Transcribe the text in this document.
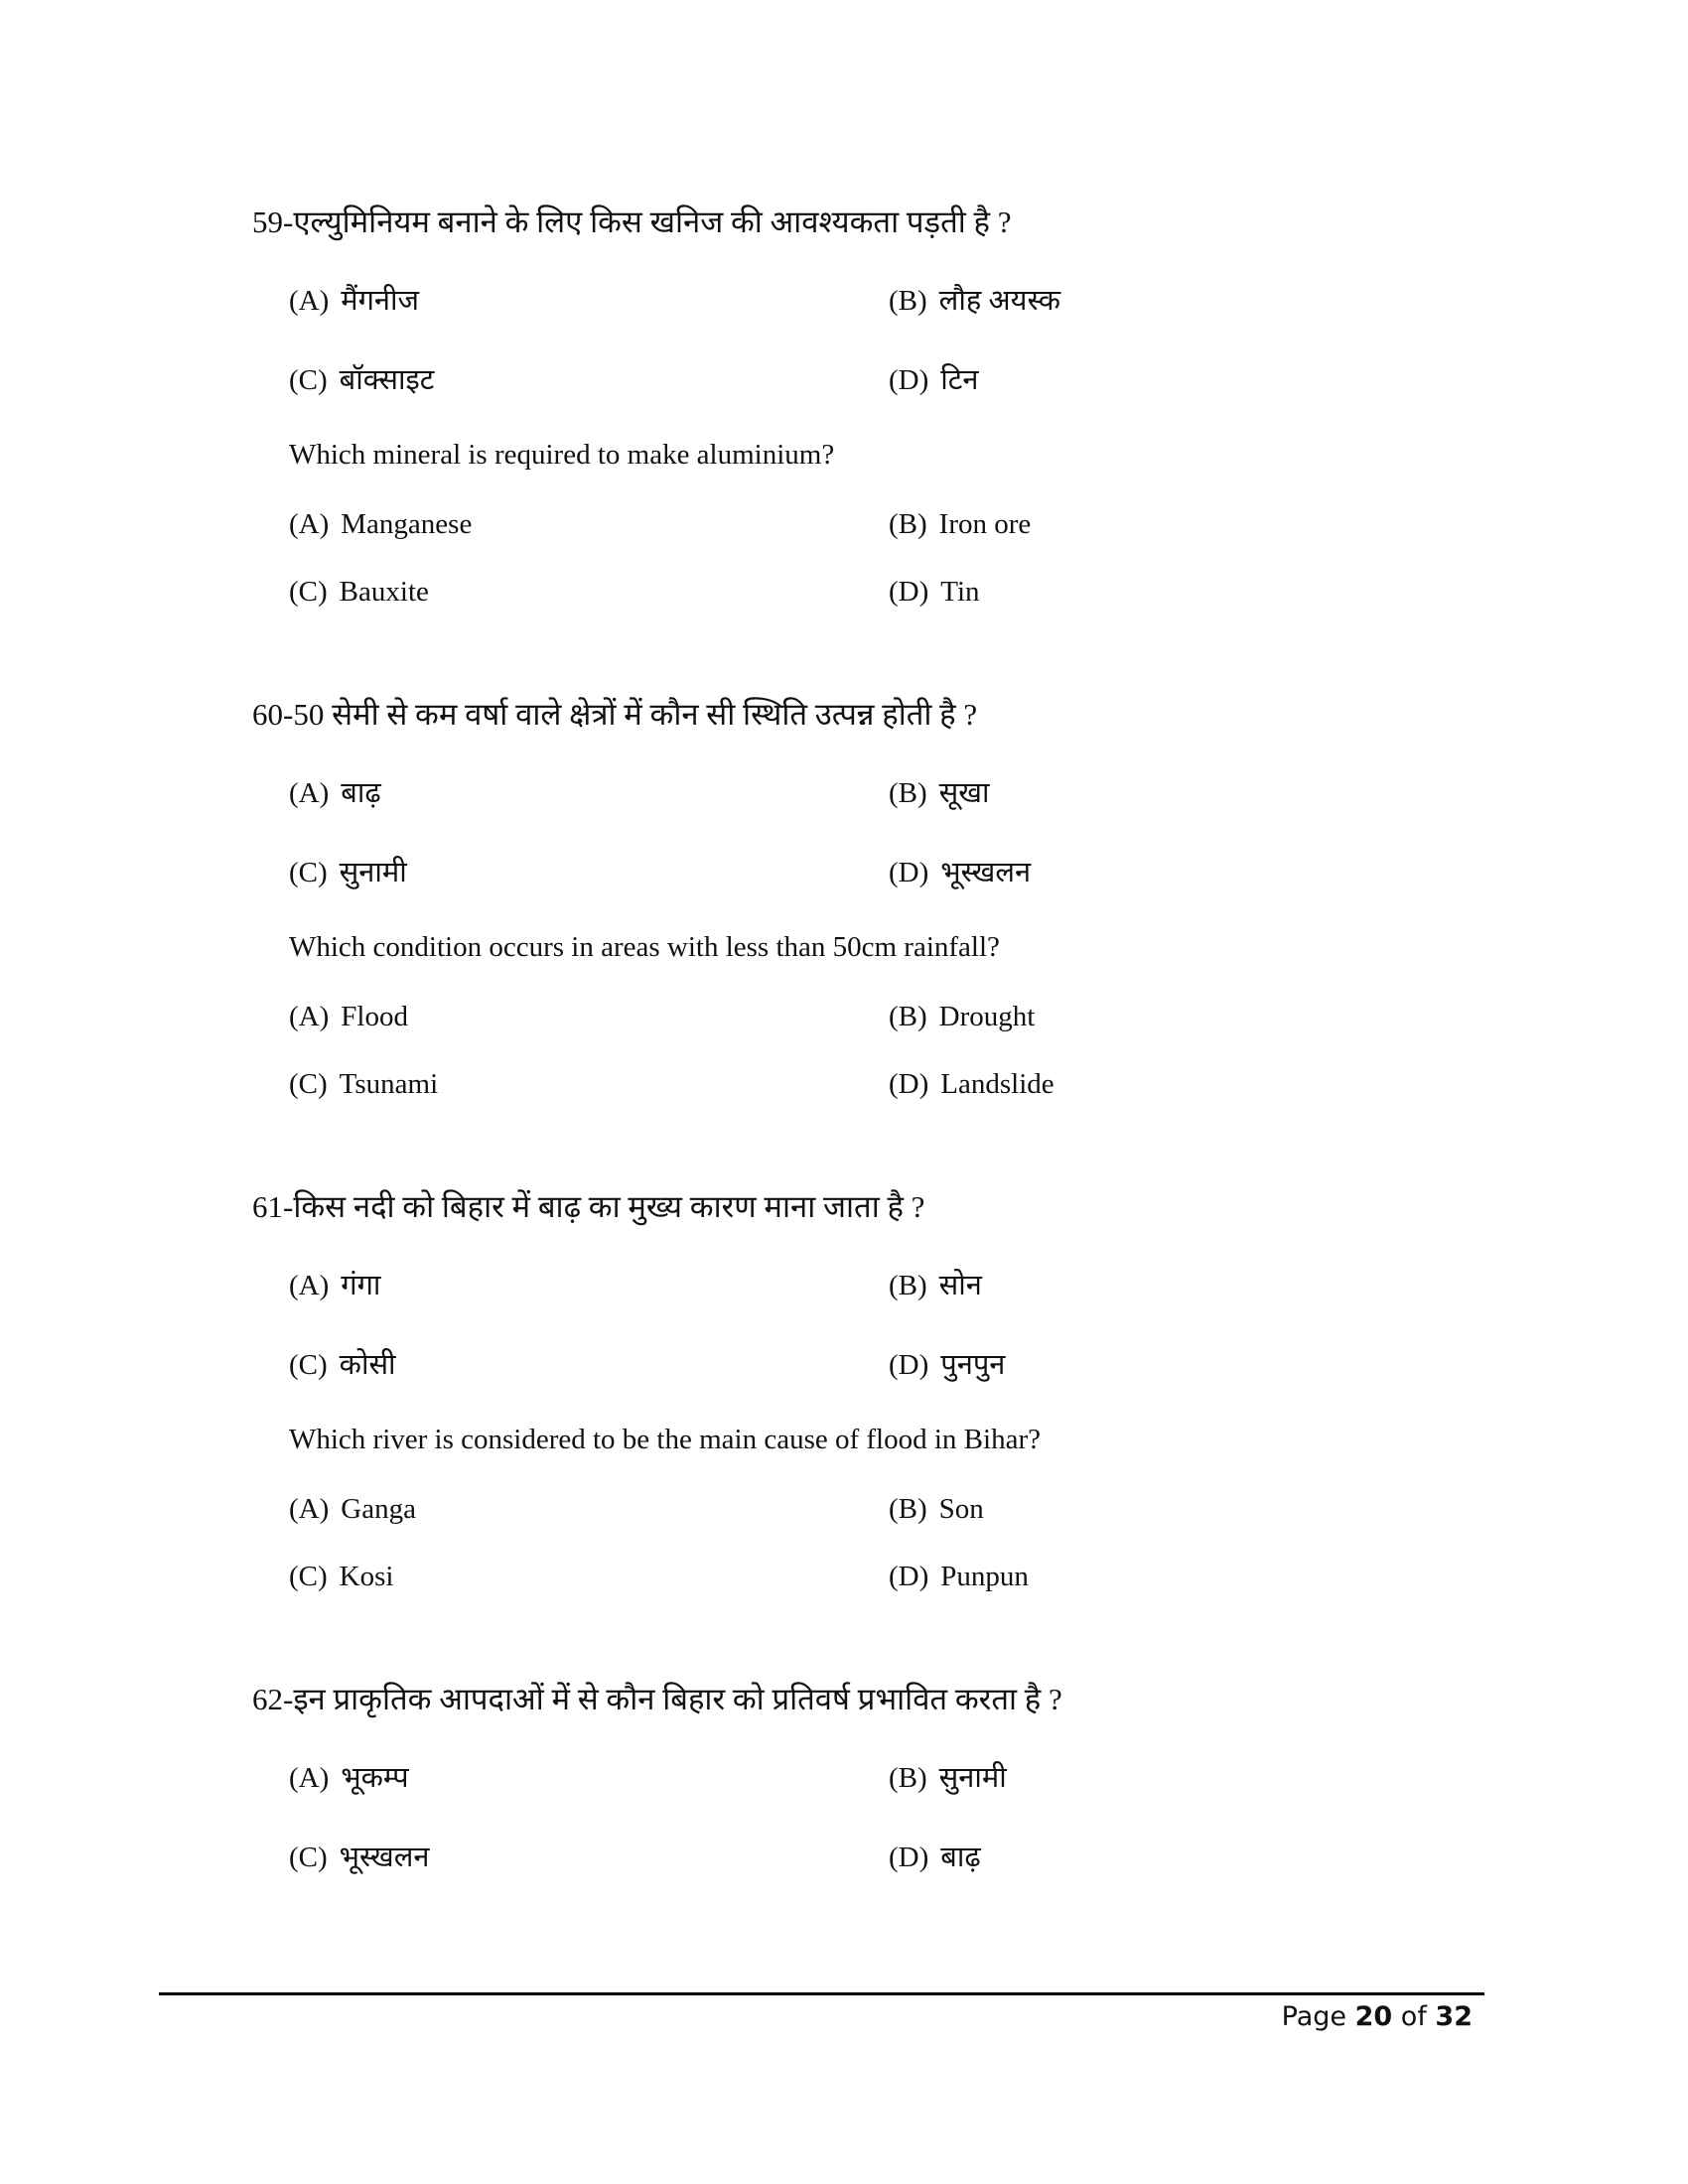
59-एल्युमिनियम बनाने के लिए किस खनिज की आवश्यकता पड़ती है ?
(A) मैंगनीज	(B) लौह अयस्क
(C) बॉक्साइट	(D) टिन
Which mineral is required to make aluminium?
(A) Manganese	(B) Iron ore
(C) Bauxite	(D) Tin
60-50 सेमी से कम वर्षा वाले क्षेत्रों में कौन सी स्थिति उत्पन्न होती है ?
(A) बाढ़	(B) सूखा
(C) सुनामी	(D) भूस्खलन
Which condition occurs in areas with less than 50cm rainfall?
(A) Flood	(B) Drought
(C) Tsunami	(D) Landslide
61-किस नदी को बिहार में बाढ़ का मुख्य कारण माना जाता है ?
(A) गंगा	(B) सोन
(C) कोसी	(D) पुनपुन
Which river is considered to be the main cause of flood in Bihar?
(A) Ganga	(B) Son
(C) Kosi	(D) Punpun
62-इन प्राकृतिक आपदाओं में से कौन बिहार को प्रतिवर्ष प्रभावित करता है ?
(A) भूकम्प	(B) सुनामी
(C) भूस्खलन	(D) बाढ़
Page 20 of 32
